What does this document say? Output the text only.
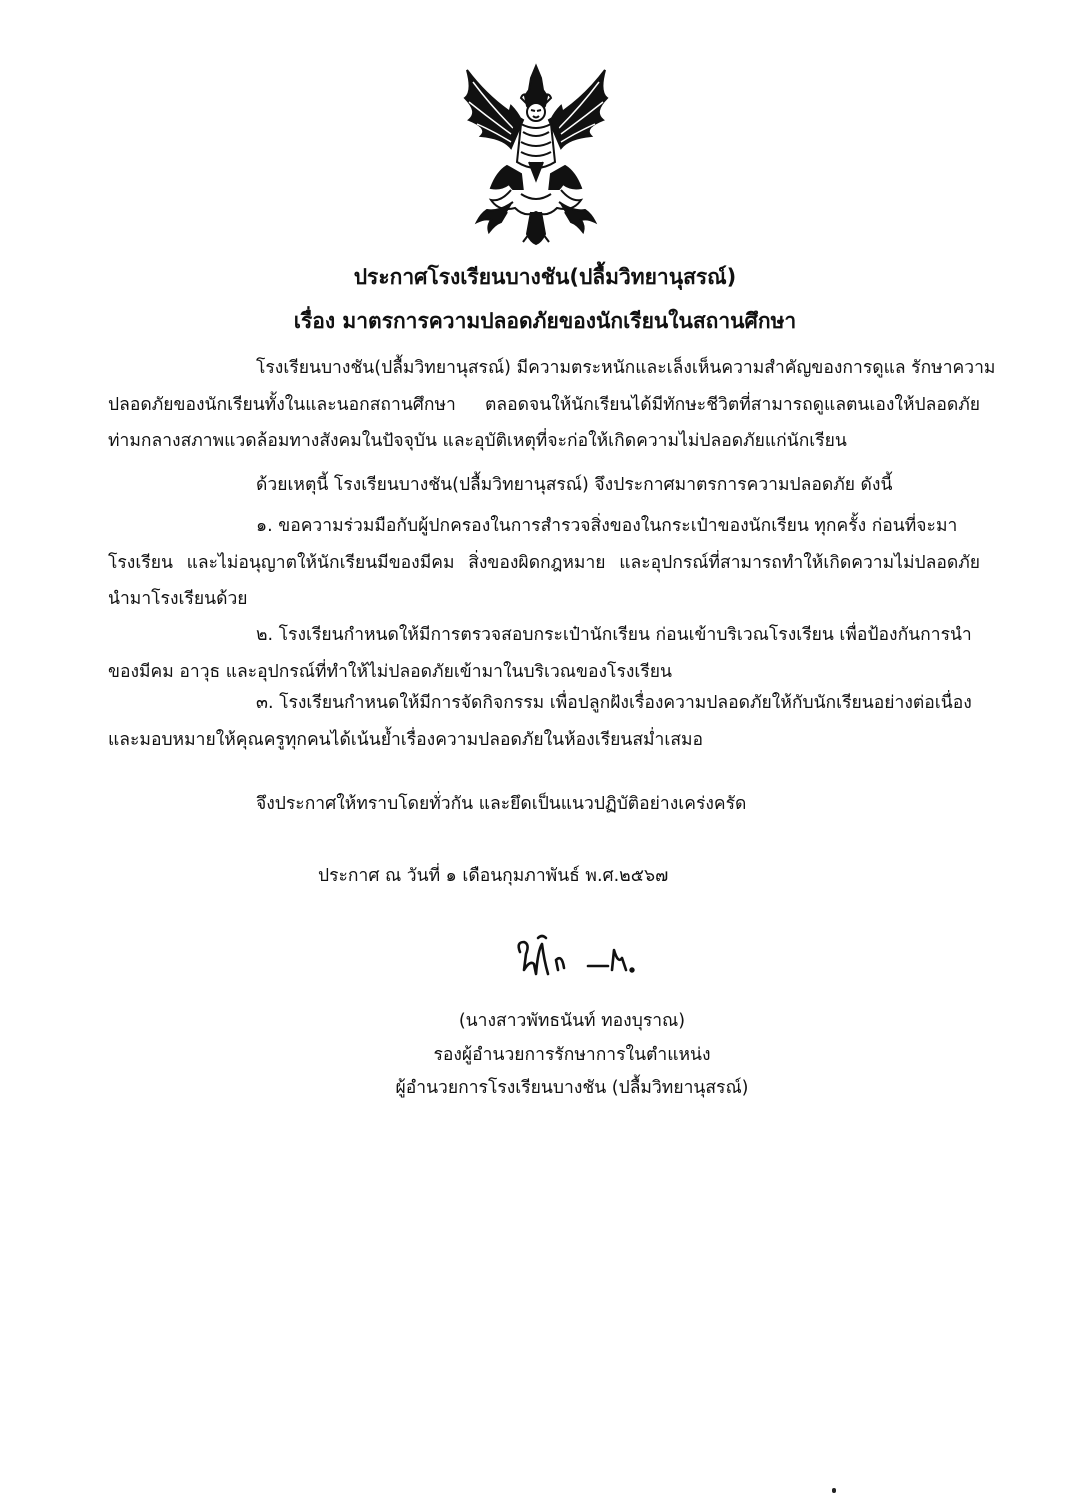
ประกาศโรงเรียนบางชัน(ปลื้มวิทยานุสรณ์)
เรื่อง มาตรการความปลอดภัยของนักเรียนในสถานศึกษา
โรงเรียนบางชัน(ปลื้มวิทยานุสรณ์) มีความตระหนักและเล็งเห็นความสำคัญของการดูแล รักษาความ
ปลอดภัยของนักเรียนทั้งในและนอกสถานศึกษา ตลอดจนให้นักเรียนได้มีทักษะชีวิตที่สามารถดูแลตนเองให้ปลอดภัย
ท่ามกลางสภาพแวดล้อมทางสังคมในปัจจุบัน และอุบัติเหตุที่จะก่อให้เกิดความไม่ปลอดภัยแก่นักเรียน
ด้วยเหตุนี้ โรงเรียนบางชัน(ปลื้มวิทยานุสรณ์) จึงประกาศมาตรการความปลอดภัย ดังนี้
๑. ขอความร่วมมือกับผู้ปกครองในการสำรวจสิ่งของในกระเป๋าของนักเรียน ทุกครั้ง ก่อนที่จะมา
โรงเรียน และไม่อนุญาตให้นักเรียนมีของมีคม สิ่งของผิดกฎหมาย และอุปกรณ์ที่สามารถทำให้เกิดความไม่ปลอดภัย
นำมาโรงเรียนด้วย
๒. โรงเรียนกำหนดให้มีการตรวจสอบกระเป๋านักเรียน ก่อนเข้าบริเวณโรงเรียน เพื่อป้องกันการนำ
ของมีคม อาวุธ และอุปกรณ์ที่ทำให้ไม่ปลอดภัยเข้ามาในบริเวณของโรงเรียน
๓. โรงเรียนกำหนดให้มีการจัดกิจกรรม เพื่อปลูกฝังเรื่องความปลอดภัยให้กับนักเรียนอย่างต่อเนื่อง
และมอบหมายให้คุณครูทุกคนได้เน้นย้ำเรื่องความปลอดภัยในห้องเรียนสม่ำเสมอ
จึงประกาศให้ทราบโดยทั่วกัน และยึดเป็นแนวปฏิบัติอย่างเคร่งครัด
ประกาศ ณ วันที่ ๑ เดือนกุมภาพันธ์ พ.ศ.๒๕๖๗
(นางสาวพัทธนันท์ ทองบุราณ)
รองผู้อำนวยการรักษาการในตำแหน่ง
ผู้อำนวยการโรงเรียนบางชัน (ปลื้มวิทยานุสรณ์)
